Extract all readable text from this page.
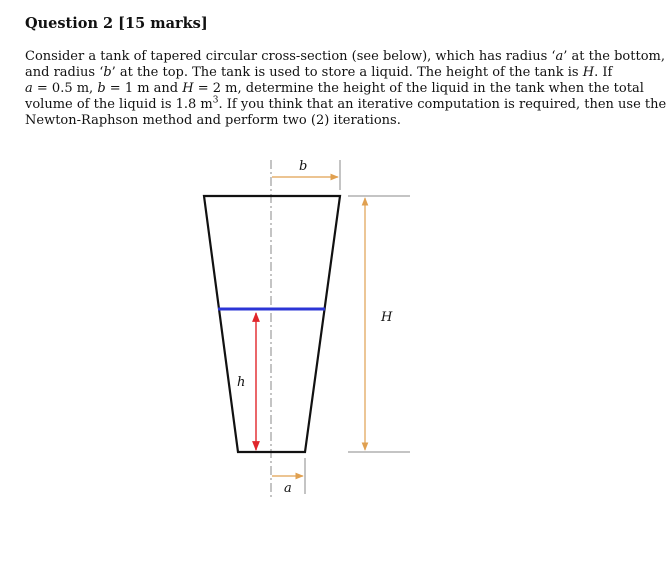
Question 2 [15 marks]
Consider a tank of tapered circular cross-section (see below), which has radius ‘a’ at the bottom,
and radius ‘b’ at the top. The tank is used to store a liquid. The height of the tank is H. If
a = 0.5 m, b = 1 m and H = 2 m, determine the height of the liquid in the tank when the total
volume of the liquid is 1.8 $m^3$. If you think that an iterative computation is required, then use the
Newton-Raphson method and perform two (2) iterations.
b
a
H
h
